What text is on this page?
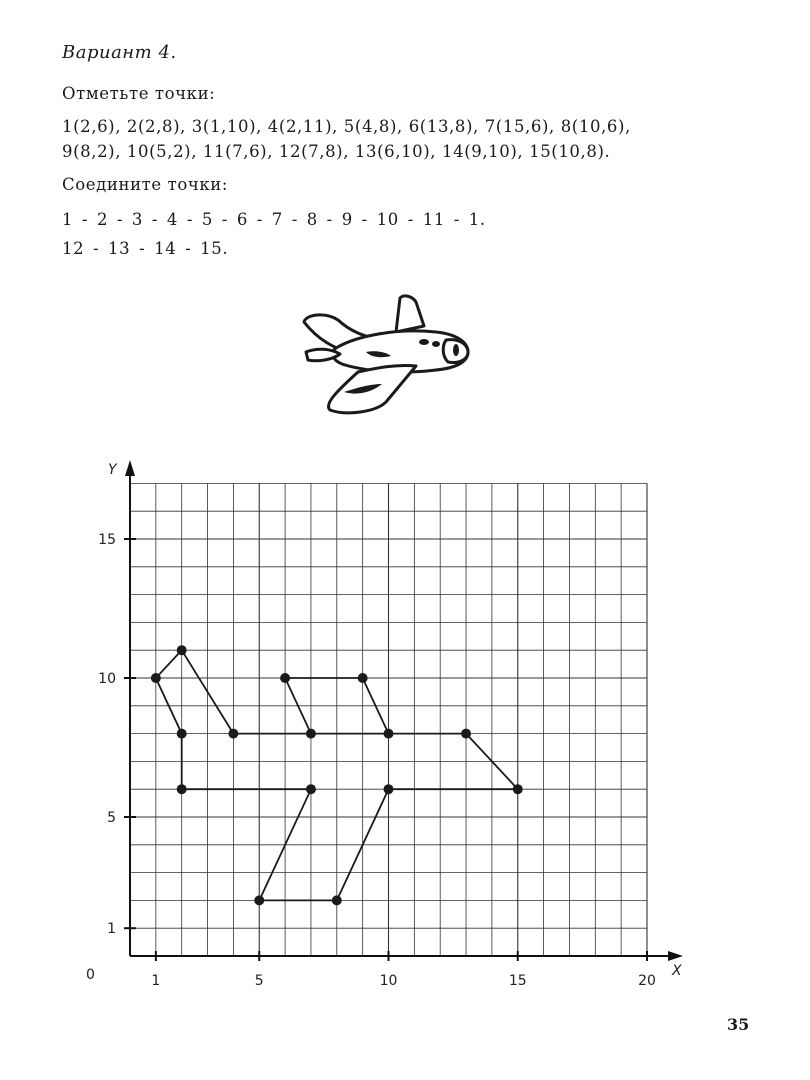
Вариант 4.
Отметьте точки:
1(2,6), 2(2,8), 3(1,10), 4(2,11), 5(4,8), 6(13,8), 7(15,6), 8(10,6),
9(8,2), 10(5,2), 11(7,6), 12(7,8), 13(6,10), 14(9,10), 15(10,8).
Соедините точки:
1 - 2 - 3 - 4 - 5 - 6 - 7 - 8 - 9 - 10 - 11 - 1.
12 - 13 - 14 - 15.
1	5	10	15	20
1
5
10
15
X
Y
0
35
